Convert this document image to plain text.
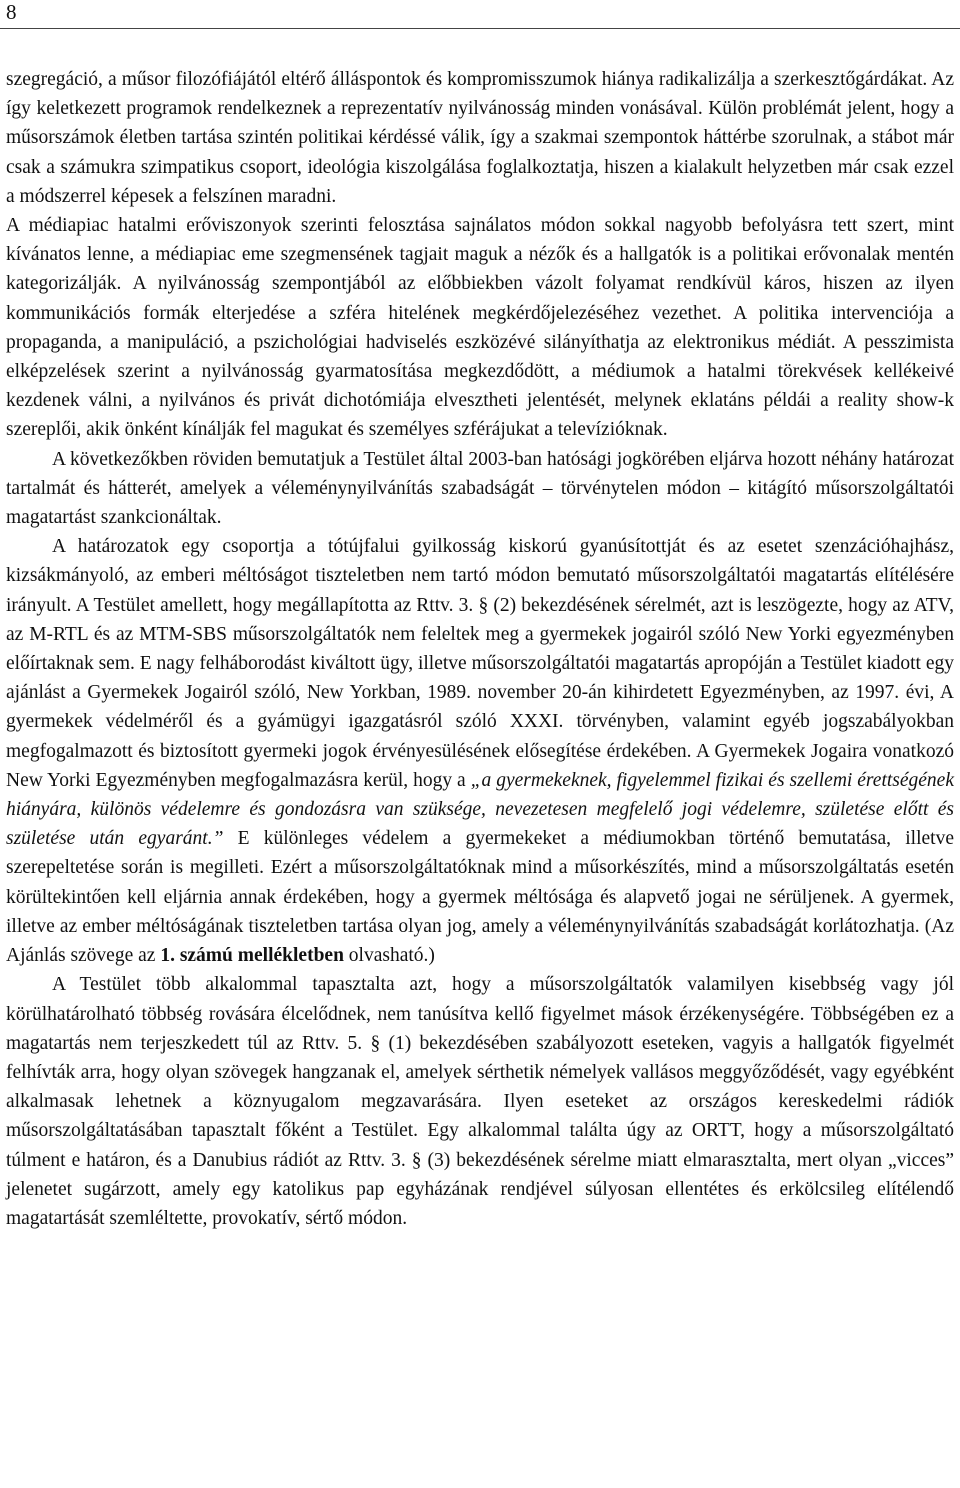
8

szegregáció, a műsor filozófiájától eltérő álláspontok és kompromisszumok hiánya radikalizálja a szerkesztőgárdákat. Az így keletkezett programok rendelkeznek a reprezentatív nyilvánosság minden vonásával. Külön problémát jelent, hogy a műsorszámok életben tartása szintén politikai kérdéssé válik, így a szakmai szempontok háttérbe szorulnak, a stábot már csak a számukra szimpatikus csoport, ideológia kiszolgálása foglalkoztatja, hiszen a kialakult helyzetben már csak ezzel a módszerrel képesek a felszínen maradni.

A médiapiac hatalmi erőviszonyok szerinti felosztása sajnálatos módon sokkal nagyobb befolyásra tett szert, mint kívánatos lenne, a médiapiac eme szegmensének tagjait maguk a nézők és a hallgatók is a politikai erővonalak mentén kategorizálják. A nyilvánosság szempontjából az előbbiekben vázolt folyamat rendkívül káros, hiszen az ilyen kommunikációs formák elterjedése a szféra hitelének megkérdőjelezéséhez vezethet. A politika intervenciója a propaganda, a manipuláció, a pszichológiai hadviselés eszközévé silányíthatja az elektronikus médiát. A pesszimista elképzelések szerint a nyilvánosság gyarmatosítása megkezdődött, a médiumok a hatalmi törekvések kellékeivé kezdenek válni, a nyilvános és privát dichotómiája elvesztheti jelentését, melynek eklatáns példái a reality show-k szereplői, akik önként kínálják fel magukat és személyes szférájukat a televízióknak.

A következőkben röviden bemutatjuk a Testület által 2003-ban hatósági jogkörében eljárva hozott néhány határozat tartalmát és hátterét, amelyek a véleménynyilvánítás szabadságát – törvénytelen módon – kitágító műsorszolgáltatói magatartást szankcionáltak.

A határozatok egy csoportja a tótújfalui gyilkosság kiskorú gyanúsítottját és az esetet szenzációhajhász, kizsákmányoló, az emberi méltóságot tiszteletben nem tartó módon bemutató műsorszolgáltatói magatartás elítélésére irányult. A Testület amellett, hogy megállapította az Rttv. 3. § (2) bekezdésének sérelmét, azt is leszögezte, hogy az ATV, az M-RTL és az MTM-SBS műsorszolgáltatók nem feleltek meg a gyermekek jogairól szóló New Yorki egyezményben előírtaknak sem. E nagy felháborodást kiváltott ügy, illetve műsorszolgáltatói magatartás apropóján a Testület kiadott egy ajánlást a Gyermekek Jogairól szóló, New Yorkban, 1989. november 20-án kihirdetett Egyezményben, az 1997. évi, A gyermekek védelméről és a gyámügyi igazgatásról szóló XXXI. törvényben, valamint egyéb jogszabályokban megfogalmazott és biztosított gyermeki jogok érvényesülésének elősegítése érdekében. A Gyermekek Jogaira vonatkozó New Yorki Egyezményben megfogalmazásra kerül, hogy a „a gyermekeknek, figyelemmel fizikai és szellemi érettségének hiányára, különös védelemre és gondozásra van szüksége, nevezetesen megfelelő jogi védelemre, születése előtt és születése után egyaránt.” E különleges védelem a gyermekeket a médiumokban történő bemutatása, illetve szerepeltetése során is megilleti. Ezért a műsorszolgáltatóknak mind a műsorkészítés, mind a műsorszolgáltatás esetén körültekintően kell eljárnia annak érdekében, hogy a gyermek méltósága és alapvető jogai ne sérüljenek. A gyermek, illetve az ember méltóságának tiszteletben tartása olyan jog, amely a véleménynyilvánítás szabadságát korlátozhatja. (Az Ajánlás szövege az 1. számú mellékletben olvasható.)

A Testület több alkalommal tapasztalta azt, hogy a műsorszolgáltatók valamilyen kisebbség vagy jól körülhatárolható többség rovására élcelődnek, nem tanúsítva kellő figyelmet mások érzékenységére. Többségében ez a magatartás nem terjeszkedett túl az Rttv. 5. § (1) bekezdésében szabályozott eseteken, vagyis a hallgatók figyelmét felhívták arra, hogy olyan szövegek hangzanak el, amelyek sérthetik némelyek vallásos meggyőződését, vagy egyébként alkalmasak lehetnek a köznyugalom megzavarására. Ilyen eseteket az országos kereskedelmi rádiók műsorszolgáltatásában tapasztalt főként a Testület. Egy alkalommal találta úgy az ORTT, hogy a műsorszolgáltató túlment e határon, és a Danubius rádiót az Rttv. 3. § (3) bekezdésének sérelme miatt elmarasztalta, mert olyan „vicces” jelenetet sugárzott, amely egy katolikus pap egyházának rendjével súlyosan ellentétes és erkölcsileg elítélendő magatartását szemléltette, provokatív, sértő módon.
